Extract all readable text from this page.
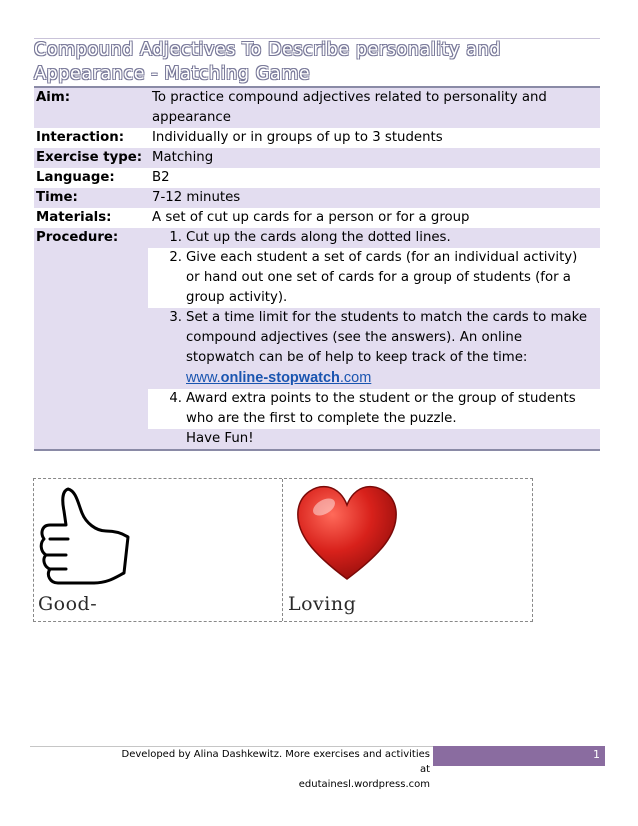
Compound Adjectives To Describe personality and Appearance - Matching Game
Aim:	To practice compound adjectives related to personality and appearance
Interaction:	Individually or in groups of up to 3 students
Exercise type: Matching
Language:	B2
Time:	7-12 minutes
Materials:	A set of cut up cards for a person or for a group
Procedure:	1. Cut up the cards along the dotted lines.
2. Give each student a set of cards (for an individual activity) or hand out one set of cards for a group of students (for a group activity).
3. Set a time limit for the students to match the cards to make compound adjectives (see the answers). An online stopwatch can be of help to keep track of the time:
www.online-stopwatch.com
4. Award extra points to the student or the group of students who are the first to complete the puzzle.
Have Fun!
Good-	Loving
Developed by Alina Dashkewitz. More exercises and activities at
edutainesl.wordpress.com
1
